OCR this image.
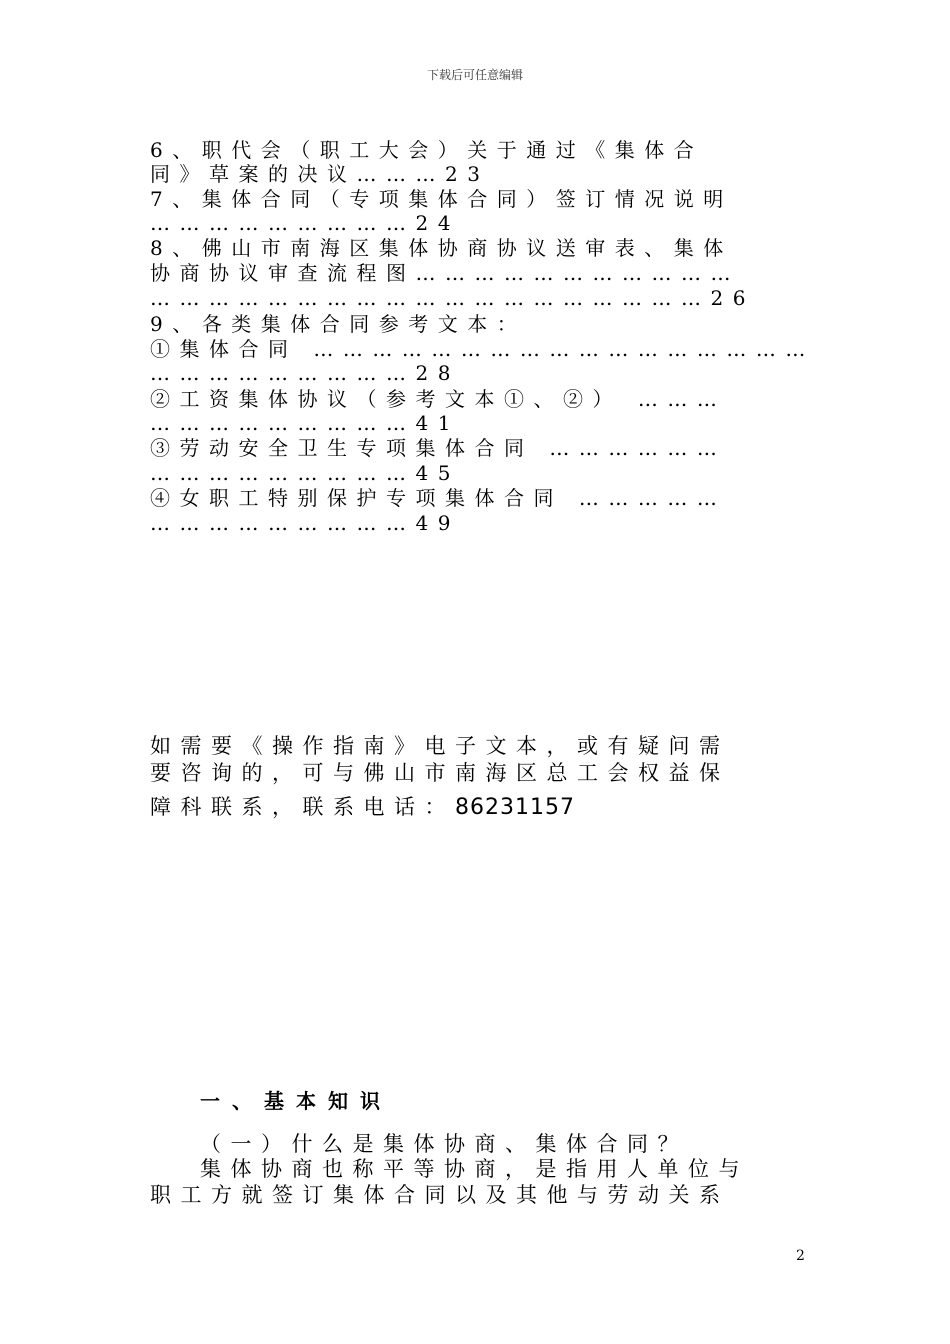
下载后可任意编辑
6、职代会（职工大会）关于通过《集体合
同》草案的决议………23
7、集体合同（专项集体合同）签订情况说明
………………………24
8、佛山市南海区集体协商协议送审表、集体
协商协议审查流程图……………………………
…………………………………………………26
9、各类集体合同参考文本：
①集体合同 ……………………………………………
………………………28
②工资集体协议（参考文本①、②） ………
………………………41
③劳动安全卫生专项集体合同 ………………
………………………45
④女职工特别保护专项集体合同 ……………
………………………49
如需要《操作指南》电子文本，或有疑问需
要咨询的，可与佛山市南海区总工会权益保
障科联系，联系电话：86231157
一、基本知识
（一）什么是集体协商、集体合同？
集体协商也称平等协商，是指用人单位与
职工方就签订集体合同以及其他与劳动关系
2
